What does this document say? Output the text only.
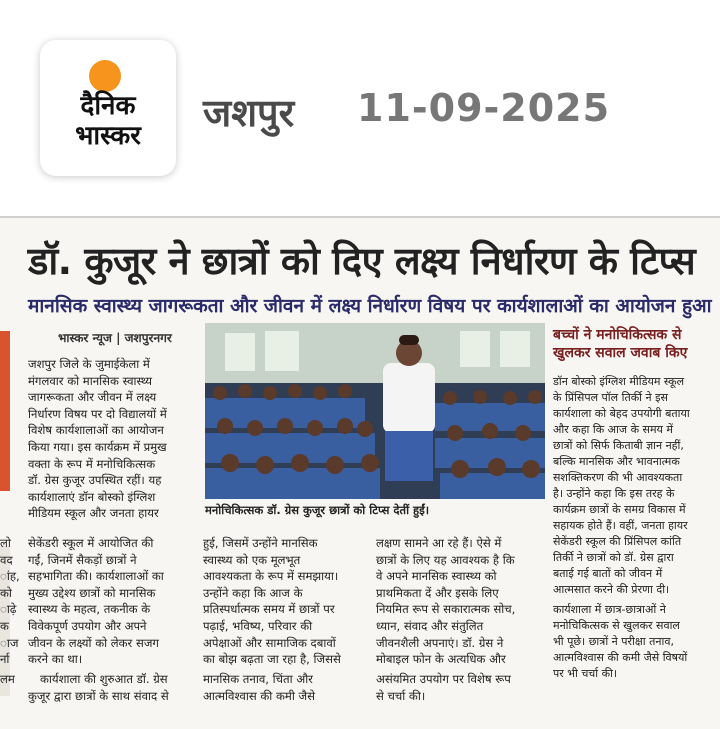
दैनिक
भास्कर
जशपुर 11-09-2025
डॉ. कुजूर ने छात्रों को दिए लक्ष्य निर्धारण के टिप्स
मानसिक स्वास्थ्य जागरूकता और जीवन में लक्ष्य निर्धारण विषय पर कार्यशालाओं का आयोजन हुआ
भास्कर न्यूज | जशपुरनगर
जशपुर जिले के जुमाईकेला में
मंगलवार को मानसिक स्वास्थ्य
जागरूकता और जीवन में लक्ष्य
निर्धारण विषय पर दो विद्यालयों में
विशेष कार्यशालाओं का आयोजन
किया गया। इस कार्यक्रम में प्रमुख
वक्ता के रूप में मनोचिकित्सक
डॉ. ग्रेस कुजूर उपस्थित रहीं। यह
कार्यशालाएं डॉन बोस्को इंग्लिश
मीडियम स्कूल और जनता हायर
सेकेंडरी स्कूल में आयोजित की
गईं, जिनमें सैकड़ों छात्रों ने
सहभागिता की। कार्यशालाओं का
मुख्य उद्देश्य छात्रों को मानसिक
स्वास्थ्य के महत्व, तकनीक के
विवेकपूर्ण उपयोग और अपने
जीवन के लक्ष्यों को लेकर सजग
करने का था।
कार्यशाला की शुरुआत डॉ. ग्रेस
कुजूर द्वारा छात्रों के साथ संवाद से
लो
वद
ांह,
को
ाढ़े
क
ाज
र्ना
लम
मनोचिकित्सक डॉ. ग्रेस कुजूर छात्रों को टिप्स देतीं हुईं।
हुई, जिसमें उन्होंने मानसिक
स्वास्थ्य को एक मूलभूत
आवश्यकता के रूप में समझाया।
उन्होंने कहा कि आज के
प्रतिस्पर्धात्मक समय में छात्रों पर
पढ़ाई, भविष्य, परिवार की
अपेक्षाओं और सामाजिक दबावों
का बोझ बढ़ता जा रहा है, जिससे
मानसिक तनाव, चिंता और
आत्मविश्वास की कमी जैसे
लक्षण सामने आ रहे हैं। ऐसे में
छात्रों के लिए यह आवश्यक है कि
वे अपने मानसिक स्वास्थ्य को
प्राथमिकता दें और इसके लिए
नियमित रूप से सकारात्मक सोच,
ध्यान, संवाद और संतुलित
जीवनशैली अपनाएं। डॉ. ग्रेस ने
मोबाइल फोन के अत्यधिक और
असंयमित उपयोग पर विशेष रूप
से चर्चा की।
बच्चों ने मनोचिकित्सक से खुलकर सवाल जवाब किए
डॉन बोस्को इंग्लिश मीडियम स्कूल
के प्रिंसिपल पॉल तिर्की ने इस
कार्यशाला को बेहद उपयोगी बताया
और कहा कि आज के समय में
छात्रों को सिर्फ किताबी ज्ञान नहीं,
बल्कि मानसिक और भावनात्मक
सशक्तिकरण की भी आवश्यकता
है। उन्होंने कहा कि इस तरह के
कार्यक्रम छात्रों के समग्र विकास में
सहायक होते हैं। वहीं, जनता हायर
सेकेंडरी स्कूल की प्रिंसिपल कांति
तिर्की ने छात्रों को डॉ. ग्रेस द्वारा
बताई गई बातों को जीवन में
आत्मसात करने की प्रेरणा दी।
कार्यशाला में छात्र-छात्राओं ने
मनोचिकित्सक से खुलकर सवाल
भी पूछे। छात्रों ने परीक्षा तनाव,
आत्मविश्वास की कमी जैसे विषयों
पर भी चर्चा की।
